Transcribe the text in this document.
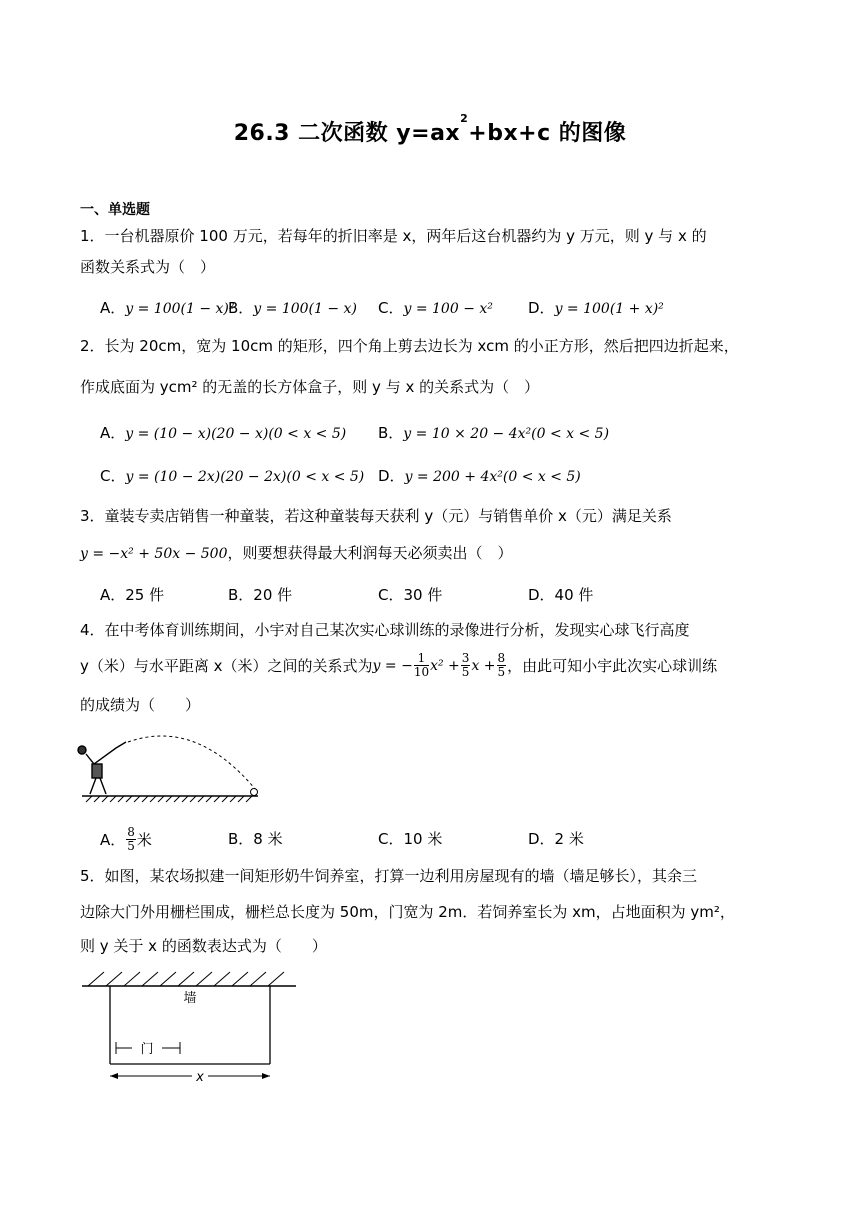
26.3 二次函数 $y=ax^2+bx+c$ 的图像
一、单选题
1．一台机器原价 100 万元，若每年的折旧率是 x，两年后这台机器约为 y 万元，则 y 与 x 的
函数关系式为（　）
A．y = 100(1 − x)²
B．y = 100(1 − x) C．y = 100 − x² D．y = 100(1 + x)²
2．长为 20cm，宽为 10cm 的矩形，四个角上剪去边长为 xcm 的小正方形，然后把四边折起来，
作成底面为 ycm² 的无盖的长方体盒子，则 y 与 x 的关系式为（　）
A．y = (10 − x)(20 − x)(0 < x < 5) B．y = 10 × 20 − 4x²(0 < x < 5)
C．y = (10 − 2x)(20 − 2x)(0 < x < 5) D．y = 200 + 4x²(0 < x < 5)
3．童装专卖店销售一种童装，若这种童装每天获利 y（元）与销售单价 x（元）满足关系
y = −x² + 50x − 500，则要想获得最大利润每天必须卖出（　）
A．25 件	B．20 件	C．30 件	D．40 件
4．在中考体育训练期间，小宇对自己某次实心球训练的录像进行分析，发现实心球飞行高度
y（米）与水平距离 x（米）之间的关系式为 y = − $\frac{1}{10} x^2 + \frac{3}{5}$ $x + \frac{8}{5}$ ，由此可知小宇此次实心球训练
的成绩为（　　）
A． $\frac{8}{5}$ 米	B．8 米	C．10 米	D．2 米
5．如图，某农场拟建一间矩形奶牛饲养室，打算一边利用房屋现有的墙（墙足够长），其余三
边除大门外用栅栏围成，栅栏总长度为 50m，门宽为 2m．若饲养室长为 xm，占地面积为 ym²，
则 y 关于 x 的函数表达式为（　　）
墙
门
x
